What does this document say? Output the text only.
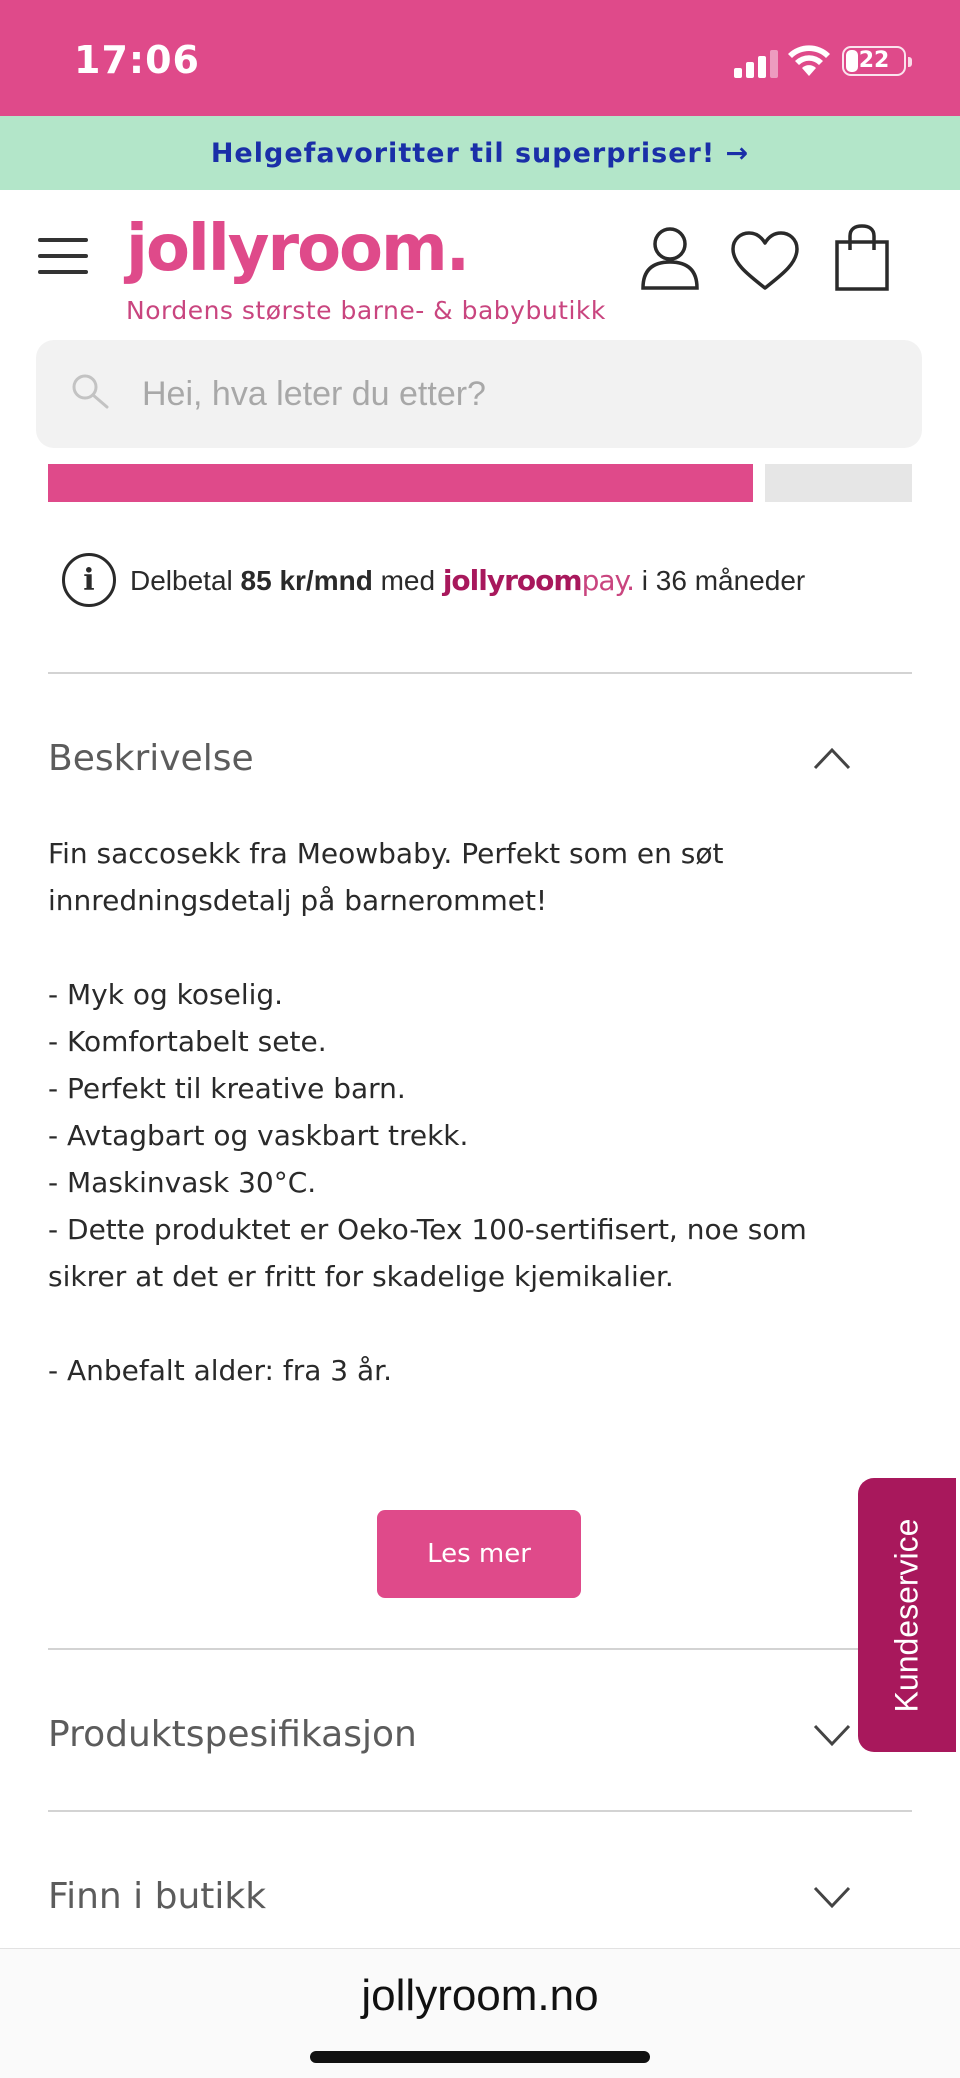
17:06	22
Helgefavoritter til superpriser! →
jollyroom.
Nordens største barne- & babybutikk
Hei, hva leter du etter?
i	Delbetal 85 kr/mnd med jollyroompay. i 36 måneder
Beskrivelse

Fin saccosekk fra Meowbaby. Perfekt som en søt

innredningsdetalj på barnerommet!

- Myk og koselig.

- Komfortabelt sete.

- Perfekt til kreative barn.

- Avtagbart og vaskbart trekk.

- Maskinvask 30°C.

- Dette produktet er Oeko-Tex 100-sertifisert, noe som

sikrer at det er fritt for skadelige kjemikalier.

- Anbefalt alder: fra 3 år.

Les mer
Produktspesifikasjon
Finn i butikk
Kundeservice
jollyroom.no
